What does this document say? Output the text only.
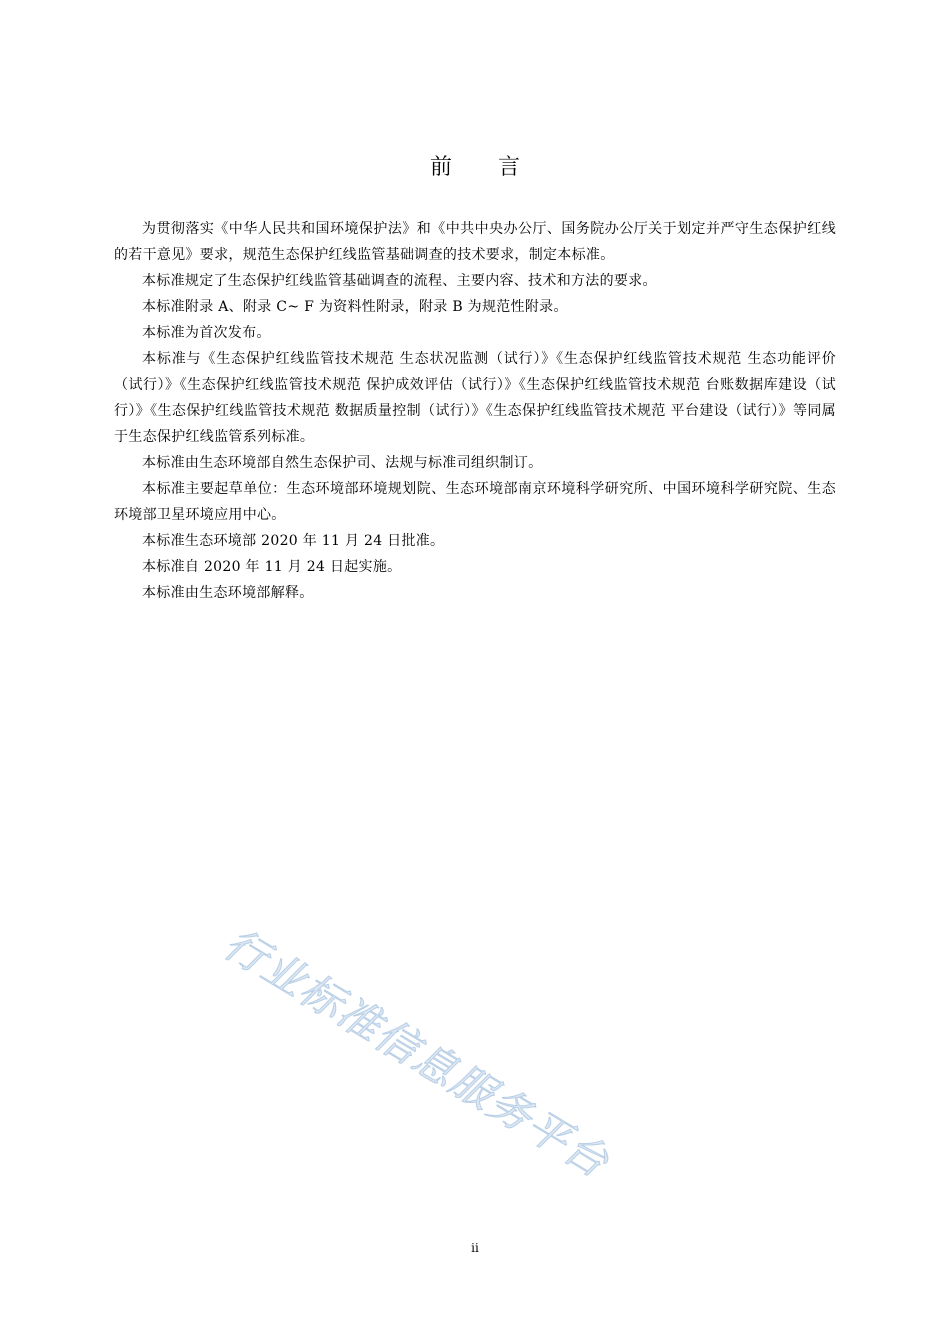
前 言

为贯彻落实《中华人民共和国环境保护法》和《中共中央办公厅、国务院办公厅关于划定并严守生态保护红线的若干意见》要求，规范生态保护红线监管基础调查的技术要求，制定本标准。

本标准规定了生态保护红线监管基础调查的流程、主要内容、技术和方法的要求。

本标准附录 A、附录 C~ F 为资料性附录，附录 B 为规范性附录。

本标准为首次发布。

本标准与《生态保护红线监管技术规范 生态状况监测（试行）》《生态保护红线监管技术规范 生态功能评价（试行）》《生态保护红线监管技术规范 保护成效评估（试行）》《生态保护红线监管技术规范 台账数据库建设（试行）》《生态保护红线监管技术规范 数据质量控制（试行）》《生态保护红线监管技术规范 平台建设（试行）》等同属于生态保护红线监管系列标准。

本标准由生态环境部自然生态保护司、法规与标准司组织制订。

本标准主要起草单位：生态环境部环境规划院、生态环境部南京环境科学研究所、中国环境科学研究院、生态环境部卫星环境应用中心。

本标准生态环境部 2020 年 11 月 24 日批准。

本标准自 2020 年 11 月 24 日起实施。

本标准由生态环境部解释。

行业标准信息服务平台
ii
